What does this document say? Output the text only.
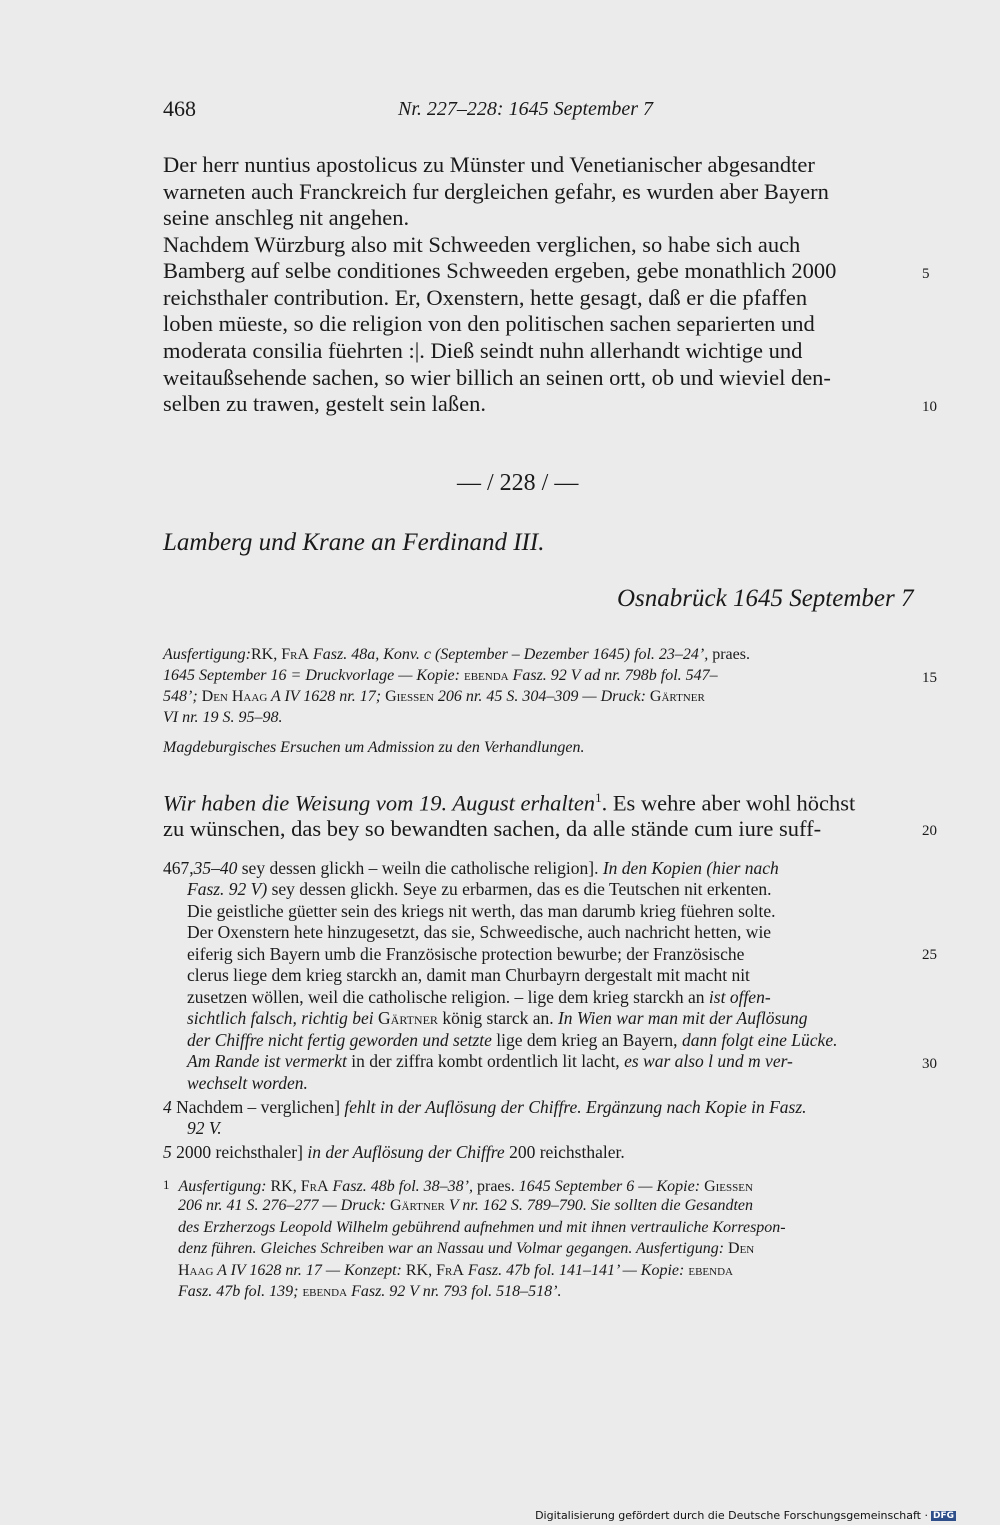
468	Nr. 227–228: 1645 September 7
Der herr nuntius apostolicus zu Münster und Venetianischer abgesandter
warneten auch Franckreich fur dergleichen gefahr, es wurden aber Bayern
seine anschleg nit angehen.
Nachdem Würzburg also mit Schweeden verglichen, so habe sich auch
Bamberg auf selbe conditiones Schweeden ergeben, gebe monathlich 2000
reichsthaler contribution. Er, Oxenstern, hette gesagt, daß er die pfaffen
loben müeste, so die religion von den politischen sachen separierten und
moderata consilia füehrten :|. Dieß seindt nuhn allerhandt wichtige und
weitaußsehende sachen, so wier billich an seinen ortt, ob und wieviel den-
selben zu trawen, gestelt sein laßen.
5
10
15
20
25
30
— / 228 / —
Lamberg und Krane an Ferdinand III.
Osnabrück 1645 September 7
Ausfertigung:RK, FrA Fasz. 48a, Konv. c (September – Dezember 1645) fol. 23–24’, praes.
1645 September 16 = Druckvorlage — Kopie: ebenda Fasz. 92 V ad nr. 798b fol. 547–
548’; Den Haag A IV 1628 nr. 17; Giessen 206 nr. 45 S. 304–309 — Druck: Gärtner
VI nr. 19 S. 95–98.
Magdeburgisches Ersuchen um Admission zu den Verhandlungen.
Wir haben die Weisung vom 19. August erhalten$^1$. Es wehre aber wohl höchst
zu wünschen, das bey so bewandten sachen, da alle stände cum iure suff-
467,35–40 sey dessen glickh – weiln die catholische religion]. In den Kopien (hier nach
Fasz. 92 V) sey dessen glickh. Seye zu erbarmen, das es die Teutschen nit erkenten.
Die geistliche güetter sein des kriegs nit werth, das man darumb krieg füehren solte.
Der Oxenstern hete hinzugesetzt, das sie, Schweedische, auch nachricht hetten, wie
eiferig sich Bayern umb die Französische protection bewurbe; der Französische
clerus liege dem krieg starckh an, damit man Churbayrn dergestalt mit macht nit
zusetzen wöllen, weil die catholische religion. – lige dem krieg starckh an ist offen-
sichtlich falsch, richtig bei Gärtner könig starck an. In Wien war man mit der Auflösung
der Chiffre nicht fertig geworden und setzte lige dem krieg an Bayern, dann folgt eine Lücke.
Am Rande ist vermerkt in der ziffra kombt ordentlich lit lacht, es war also l und m ver-
wechselt worden.
4 Nachdem – verglichen] fehlt in der Auflösung der Chiffre. Ergänzung nach Kopie in Fasz.
92 V.
5 2000 reichsthaler] in der Auflösung der Chiffre 200 reichsthaler.
1 Ausfertigung: RK, FrA Fasz. 48b fol. 38–38’, praes. 1645 September 6 — Kopie: Giessen
206 nr. 41 S. 276–277 — Druck: Gärtner V nr. 162 S. 789–790. Sie sollten die Gesandten
des Erzherzogs Leopold Wilhelm gebührend aufnehmen und mit ihnen vertrauliche Korrespon-
denz führen. Gleiches Schreiben war an Nassau und Volmar gegangen. Ausfertigung: Den
Haag A IV 1628 nr. 17 — Konzept: RK, FrA Fasz. 47b fol. 141–141’ — Kopie: ebenda
Fasz. 47b fol. 139; ebenda Fasz. 92 V nr. 793 fol. 518–518’.
Digitalisierung gefördert durch die Deutsche Forschungsgemeinschaft · DFG
